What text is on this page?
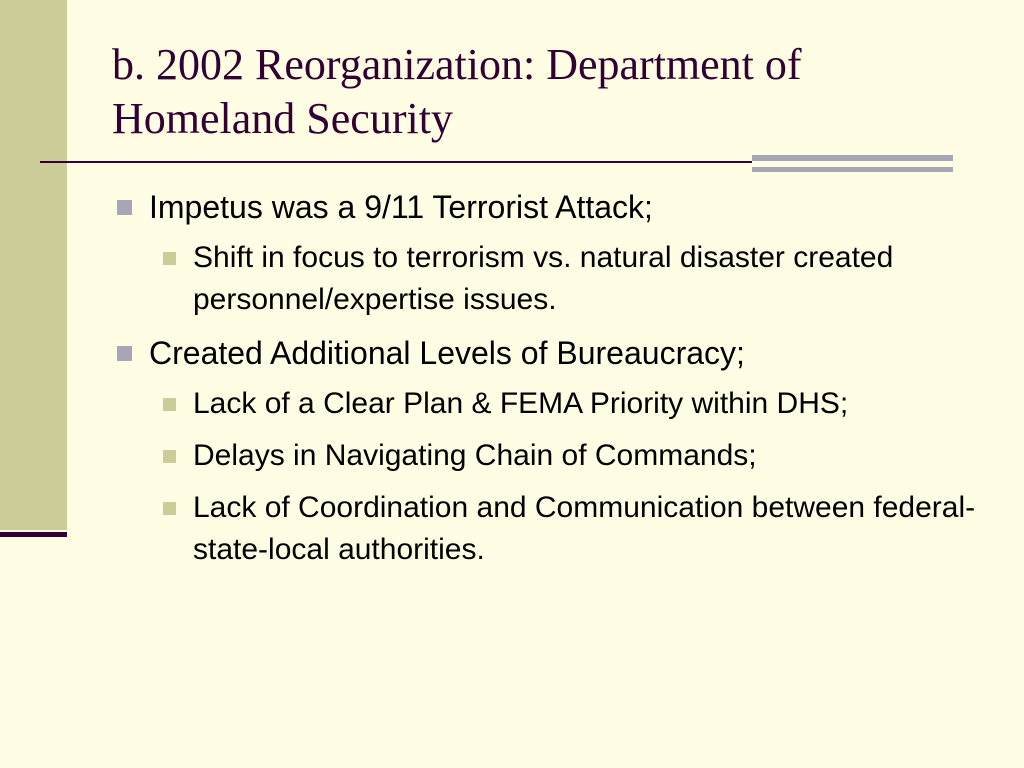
b. 2002 Reorganization: Department of Homeland Security
Impetus was a 9/11 Terrorist Attack;
Shift in focus to terrorism vs. natural disaster created personnel/expertise issues.
Created Additional Levels of Bureaucracy;
Lack of a Clear Plan & FEMA Priority within DHS;
Delays in Navigating Chain of Commands;
Lack of Coordination and Communication between federal-state-local authorities.
